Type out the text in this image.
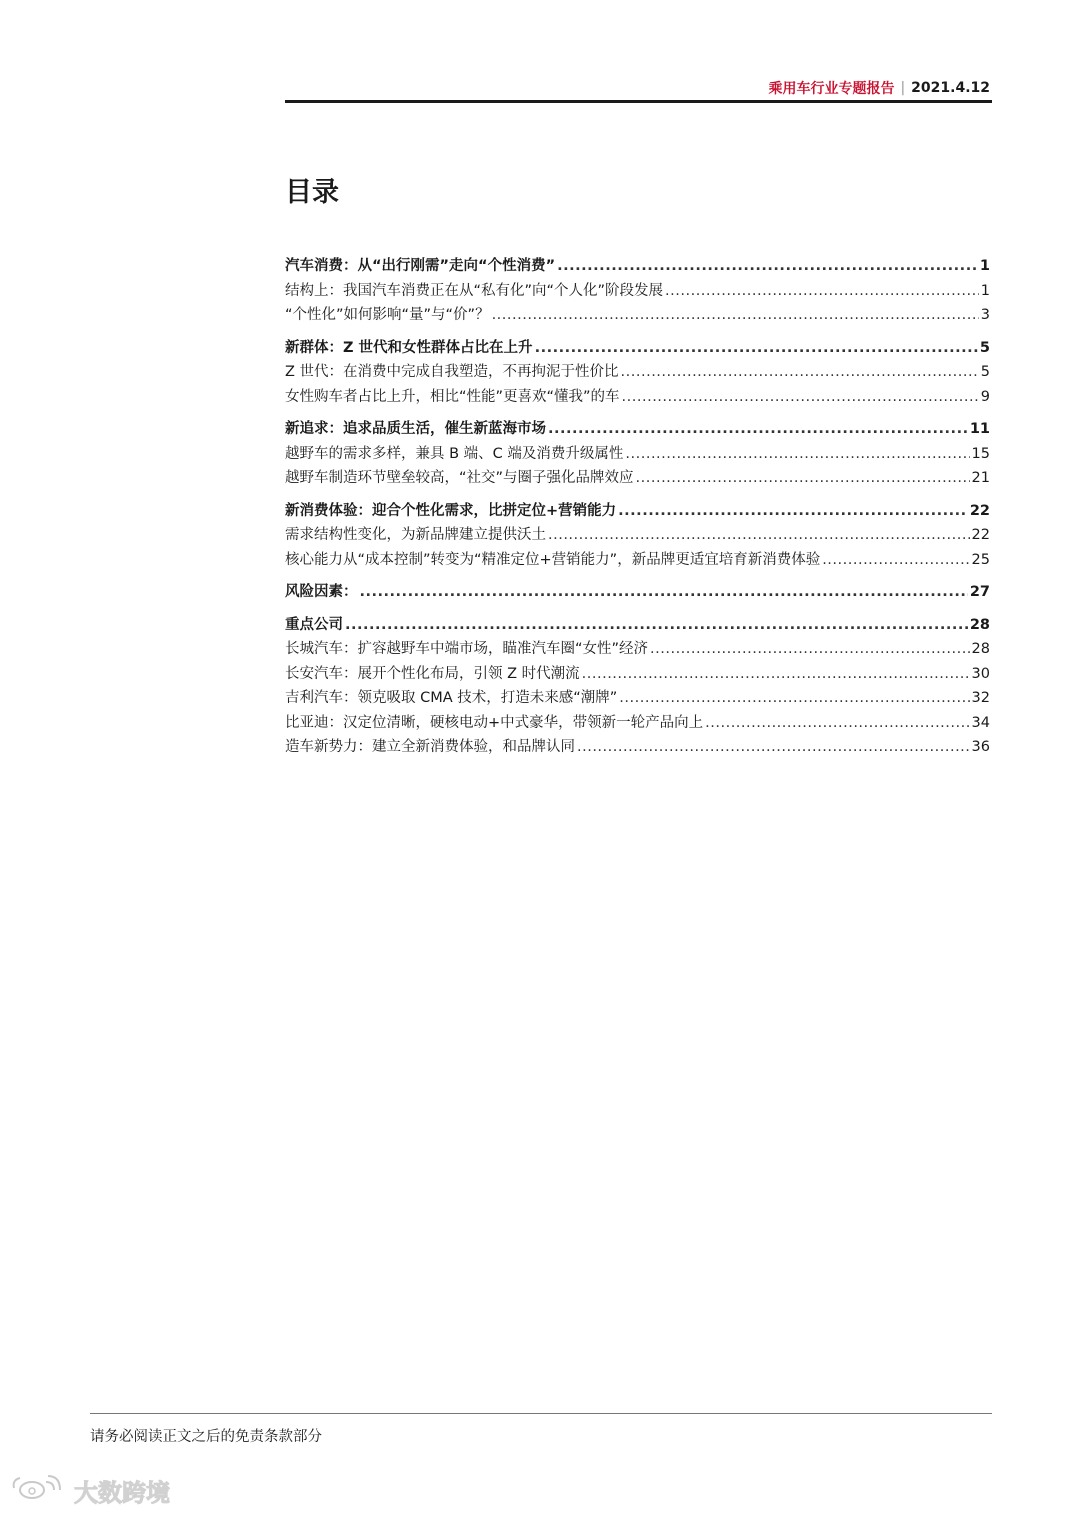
乘用车行业专题报告 | 2021.4.12
目录
汽车消费：从“出行刚需”走向“个性消费” .....	1
结构上：我国汽车消费正在从“私有化”向“个人化”阶段发展 .....	1
“个性化”如何影响“量”与“价”？ .....	3
新群体：Z 世代和女性群体占比在上升 .....	5
Z 世代：在消费中完成自我塑造，不再拘泥于性价比 .....	5
女性购车者占比上升，相比“性能”更喜欢“懂我”的车 .....	9
新追求：追求品质生活，催生新蓝海市场 .....	11
越野车的需求多样，兼具 B 端、C 端及消费升级属性 .....	15
越野车制造环节壁垒较高，“社交”与圈子强化品牌效应 .....	21
新消费体验：迎合个性化需求，比拼定位+营销能力 .....	22
需求结构性变化，为新品牌建立提供沃土 .....	22
核心能力从“成本控制”转变为“精准定位+营销能力”，新品牌更适宜培育新消费体验 .....	25
风险因素： .....	27
重点公司 .....	28
长城汽车：扩容越野车中端市场，瞄准汽车圈“女性”经济 .....	28
长安汽车：展开个性化布局，引领 Z 时代潮流 .....	30
吉利汽车：领克吸取 CMA 技术，打造未来感“潮牌” .....	32
比亚迪：汉定位清晰，硬核电动+中式豪华，带领新一轮产品向上 .....	34
造车新势力：建立全新消费体验，和品牌认同 .....	36
请务必阅读正文之后的免责条款部分
大数跨境
